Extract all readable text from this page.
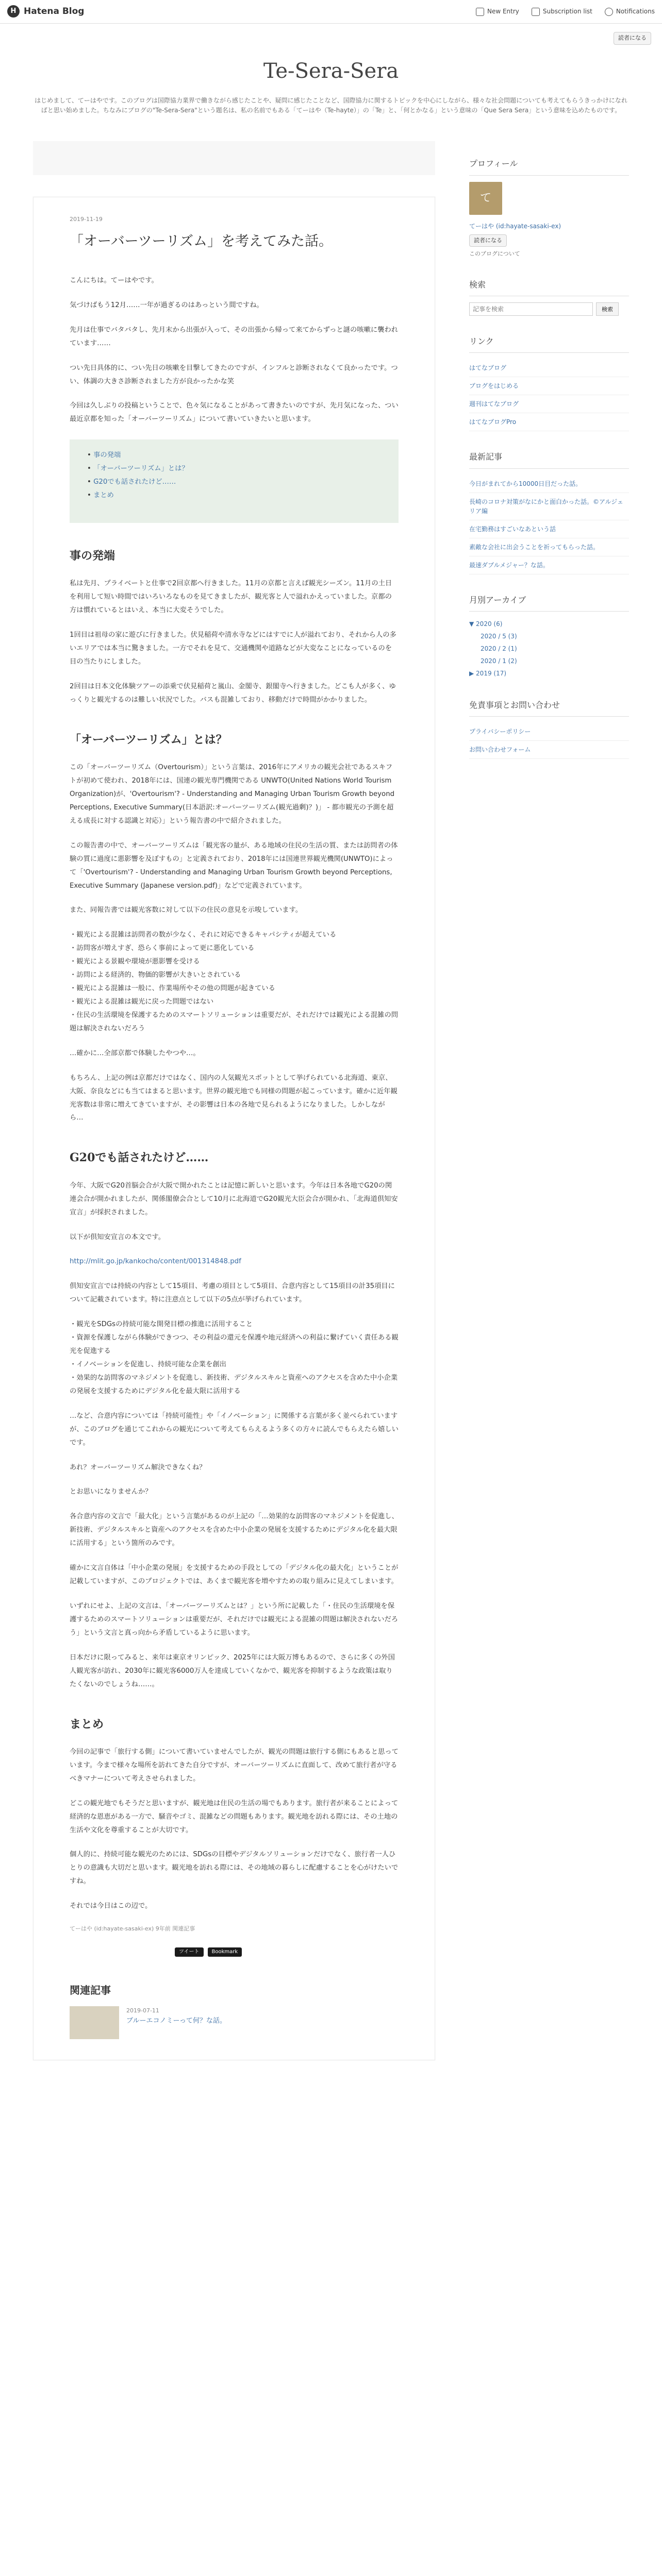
H Hatena Blog	New Entry	Subscription list	Notifications
読者になる
Te-Sera-Sera
はじめまして、てーはやです。このブログは国際協力業界で働きながら感じたことや、疑問に感じたことなど、国際協力に関するトピックを中心にしながら、様々な社会問題についても考えてもらうきっかけになればと思い始めました。ちなみにブログの"Te-Sera-Sera"という題名は、私の名前でもある「てーはや（Te-hayte）」の「Te」と、「何とかなる」という意味の「Que Sera Sera」という意味を込めたものです。
2019-11-19
「オーバーツーリズム」を考えてみた話。

こんにちは。てーはやです。

気づけばもう12月……一年が過ぎるのはあっという間ですね。

先月は仕事でバタバタし、先月末から出張が入って、その出張から帰って来てからずっと謎の咳嗽に襲われています……

つい先日具体的に、つい先日の咳嗽を目撃してきたのですが、インフルと診断されなくて良かったです。つい、体調の大きさ診断されました方が良かったかな笑

今回は久しぶりの投稿ということで、色々気になることがあって書きたいのですが、先月気になった、つい最近京都を知った「オーバーツーリズム」について書いていきたいと思います。

• 事の発端
• 「オーバーツーリズム」とは？
• G20でも話されたけど……
• まとめ
事の発端

私は先月、プライベートと仕事で2回京都へ行きました。11月の京都と言えば観光シーズン。11月の土日を利用して短い時間ではいろいろなものを見てきましたが、観光客と人で溢れかえっていました。京都の方は慣れているとはいえ、本当に大変そうでした。

1回目は祖母の家に遊びに行きました。伏見稲荷や清水寺などにはすでに人が溢れており、それから人の多いエリアでは本当に驚きました。一方でそれを見て、交通機関や道路などが大変なことになっているのを目の当たりにしました。

2回目は日本文化体験ツアーの添乗で伏見稲荷と嵐山、金閣寺、銀閣寺へ行きました。どこも人が多く、ゆっくりと観光するのは難しい状況でした。バスも混雑しており、移動だけで時間がかかりました。

「オーバーツーリズム」とは？

この「オーバーツーリズム（Overtourism）」という言葉は、2016年にアメリカの観光会社であるスキフトが初めて使われ、2018年には、国連の観光専門機関である UNWTO(United Nations World Tourism Organization)が、'Overtourism'? - Understanding and Managing Urban Tourism Growth beyond Perceptions, Executive Summary(日本語訳:オーバーツーリズム(観光過剰)？)」 - 都市観光の予測を超える成長に対する認識と対応）」という報告書の中で紹介されました。

この報告書の中で、オーバーツーリズムは「観光客の量が、ある地域の住民の生活の質、または訪問者の体験の質に過度に悪影響を及ぼすもの」と定義されており、2018年には国連世界観光機関(UNWTO)によって「'Overtourism'? - Understanding and Managing Urban Tourism Growth beyond Perceptions, Executive Summary (Japanese version.pdf)」などで定義されています。

また、同報告書では観光客数に対して以下の住民の意見を示唆しています。

・観光による混雑は訪問者の数が少なく、それに対応できるキャパシティが超えている
・訪問客が増えすぎ、恐らく事前によって更に悪化している
・観光による景観や環境が悪影響を受ける
・訪問による経済的、物価的影響が大きいとされている
・観光による混雑は一般に、作業場所やその他の問題が起きている
・観光による混雑は観光に戻った問題ではない
・住民の生活環境を保護するためのスマートソリューションは重要だが、それだけでは観光による混雑の問題は解決されないだろう

…確かに…全部京都で体験したやつや…。

もちろん、上記の例は京都だけではなく、国内の人気観光スポットとして挙げられている北海道、東京、大阪、奈良などにも当てはまると思います。世界の観光地でも同様の問題が起こっています。確かに近年観光客数は非常に増えてきていますが、その影響は日本の各地で見られるようになりました。しかしながら…

G20でも話されたけど……

今年、大阪でG20首脳会合が大阪で開かれたことは記憶に新しいと思います。今年は日本各地でG20の関連会合が開かれましたが、関係閣僚会合として10月に北海道でG20観光大臣会合が開かれ、「北海道倶知安宣言」が採択されました。

以下が倶知安宣言の本文です。

http://mlit.go.jp/kankocho/content/001314848.pdf

倶知安宣言では持続の内容として15項目、考慮の項目として5項目、合意内容として15項目の計35項目について記載されています。特に注意点として以下の5点が挙げられています。

・観光をSDGsの持続可能な開発目標の推進に活用すること
・資源を保護しながら体験ができつつ、その利益の還元を保護や地元経済への利益に繋げていく責任ある観光を促進する
・イノベーションを促進し、持続可能な企業を創出
・効果的な訪問客のマネジメントを促進し、新技術、デジタルスキルと資産へのアクセスを含めた中小企業の発展を支援するためにデジタル化を最大限に活用する

…など、合意内容については「持続可能性」や「イノベーション」に関係する言葉が多く並べられていますが、このブログを通じてこれからの観光について考えてもらえるよう多くの方々に読んでもらえたら嬉しいです。

あれ？オーバーツーリズム解決できなくね？

とお思いになりませんか？

各合意内容の文言で「最大化」という言葉があるのが上記の「…効果的な訪問客のマネジメントを促進し、新技術、デジタルスキルと資産へのアクセスを含めた中小企業の発展を支援するためにデジタル化を最大限に活用する」という箇所のみです。

確かに文言自体は「中小企業の発展」を支援するための手段としての「デジタル化の最大化」ということが記載していますが、このプロジェクトでは、あくまで観光客を増やすための取り組みに見えてしまいます。

いずれにせよ、上記の文言は、「オーバーツーリズムとは？」という所に記載した「・住民の生活環境を保護するためのスマートソリューションは重要だが、それだけでは観光による混雑の問題は解決されないだろう」という文言と真っ向から矛盾しているように思います。

日本だけに限ってみると、来年は東京オリンピック、2025年には大阪万博もあるので、さらに多くの外国人観光客が訪れ、2030年に観光客6000万人を達成していくなかで、観光客を抑制するような政策は取りたくないのでしょうね……。

まとめ

今回の記事で「旅行する側」について書いていませんでしたが、観光の問題は旅行する側にもあると思っています。今まで様々な場所を訪れてきた自分ですが、オーバーツーリズムに直面して、改めて旅行者が守るべきマナーについて考えさせられました。

どこの観光地でもそうだと思いますが、観光地は住民の生活の場でもあります。旅行者が来ることによって経済的な恩恵がある一方で、騒音やゴミ、混雑などの問題もあります。観光地を訪れる際には、その土地の生活や文化を尊重することが大切です。

個人的に、持続可能な観光のためには、SDGsの目標やデジタルソリューションだけでなく、旅行者一人ひとりの意識も大切だと思います。観光地を訪れる際には、その地域の暮らしに配慮することを心がけたいですね。

それでは今日はこの辺で。

てーはや (id:hayate-sasaki-ex) 9年前 関連記事
ツイート	Bookmark
関連記事
2019-07-11
ブルーエコノミーって何？な話。
プロフィール
て
てーはや (id:hayate-sasaki-ex)
読者になる
このブログについて
検索
記事を検索
検索
リンク
はてなブログ
ブログをはじめる
週刊はてなブログ
はてなブログPro
最新記事
今日がまれてから10000日目だった話。
長崎のコロナ対策がなにかと面白かった話。©アルジェリア編
在宅勤務はすごいなあという話
素敵な会社に出会うことを祈ってもらった話。
最速ダブルメジャー？な話。
月別アーカイブ
▼ 2020 (6)
2020 / 5 (3)
2020 / 2 (1)
2020 / 1 (2)
▶ 2019 (17)
免責事項とお問い合わせ
プライバシーポリシー
お問い合わせフォーム
